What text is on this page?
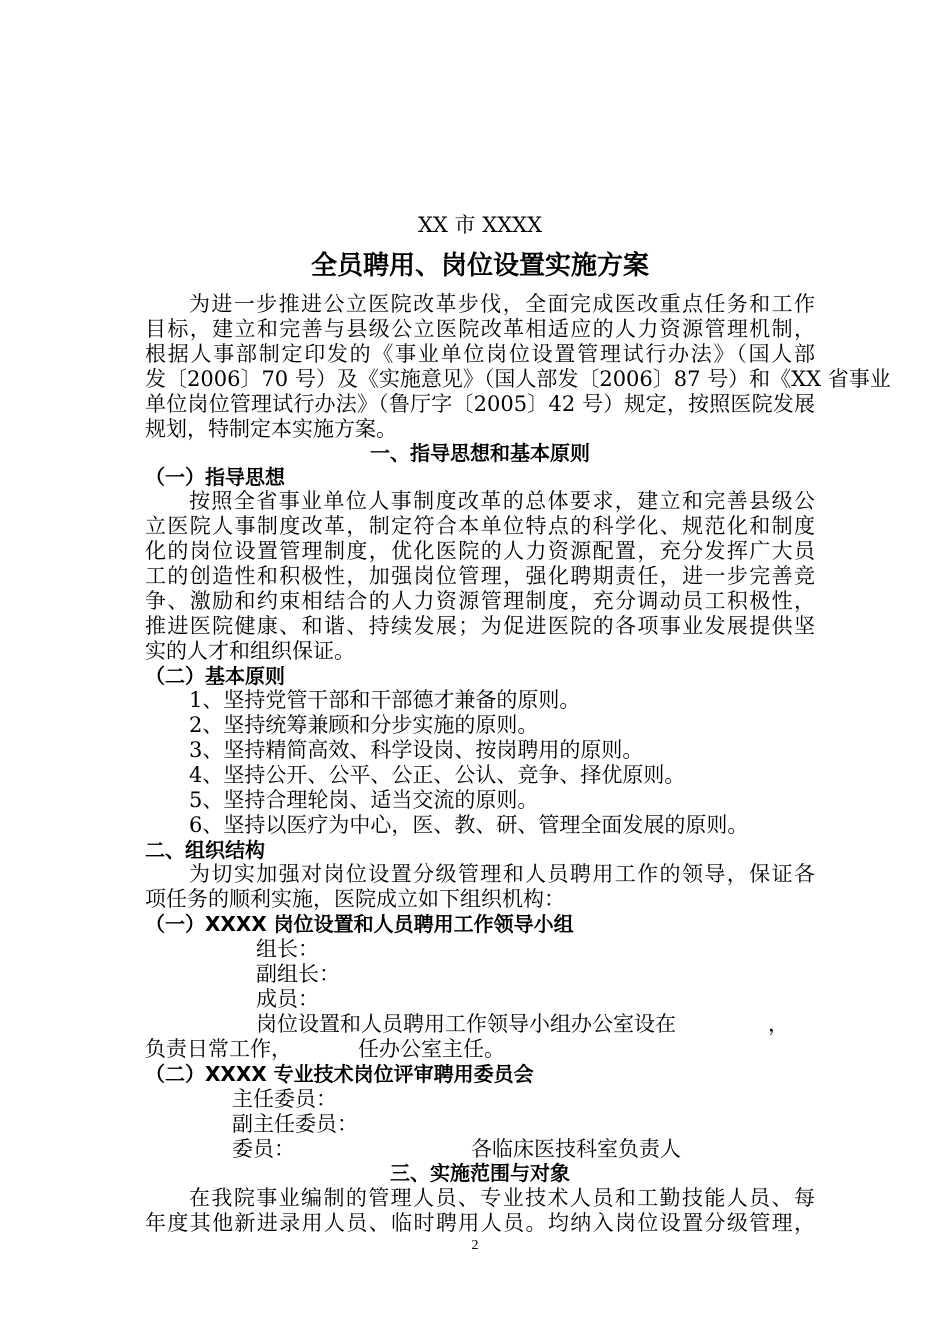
XX 市 XXXX
全员聘用、岗位设置实施方案
为进一步推进公立医院改革步伐，全面完成医改重点任务和工作
目标，建立和完善与县级公立医院改革相适应的人力资源管理机制，
根据人事部制定印发的《事业单位岗位设置管理试行办法》（国人部
发〔2006〕70 号）及《实施意见》（国人部发〔2006〕87 号）和《XX 省事业
单位岗位管理试行办法》（鲁厅字〔2005〕42 号）规定，按照医院发展
规划，特制定本实施方案。
一、指导思想和基本原则
（一）指导思想
按照全省事业单位人事制度改革的总体要求，建立和完善县级公
立医院人事制度改革，制定符合本单位特点的科学化、规范化和制度
化的岗位设置管理制度，优化医院的人力资源配置，充分发挥广大员
工的创造性和积极性，加强岗位管理，强化聘期责任，进一步完善竞
争、激励和约束相结合的人力资源管理制度，充分调动员工积极性，
推进医院健康、和谐、持续发展；为促进医院的各项事业发展提供坚
实的人才和组织保证。
（二）基本原则
1、坚持党管干部和干部德才兼备的原则。
2、坚持统筹兼顾和分步实施的原则。
3、坚持精简高效、科学设岗、按岗聘用的原则。
4、坚持公开、公平、公正、公认、竞争、择优原则。
5、坚持合理轮岗、适当交流的原则。
6、坚持以医疗为中心，医、教、研、管理全面发展的原则。
二、组织结构
为切实加强对岗位设置分级管理和人员聘用工作的领导，保证各
项任务的顺利实施，医院成立如下组织机构：
（一）XXXX 岗位设置和人员聘用工作领导小组
组长：
副组长：
成员：
岗位设置和人员聘用工作领导小组办公室设在	，
负责日常工作，	任办公室主任。
（二）XXXX 专业技术岗位评审聘用委员会
主任委员：
副主任委员：
委员：	各临床医技科室负责人
三、实施范围与对象
在我院事业编制的管理人员、专业技术人员和工勤技能人员、每
年度其他新进录用人员、临时聘用人员。均纳入岗位设置分级管理，
2
